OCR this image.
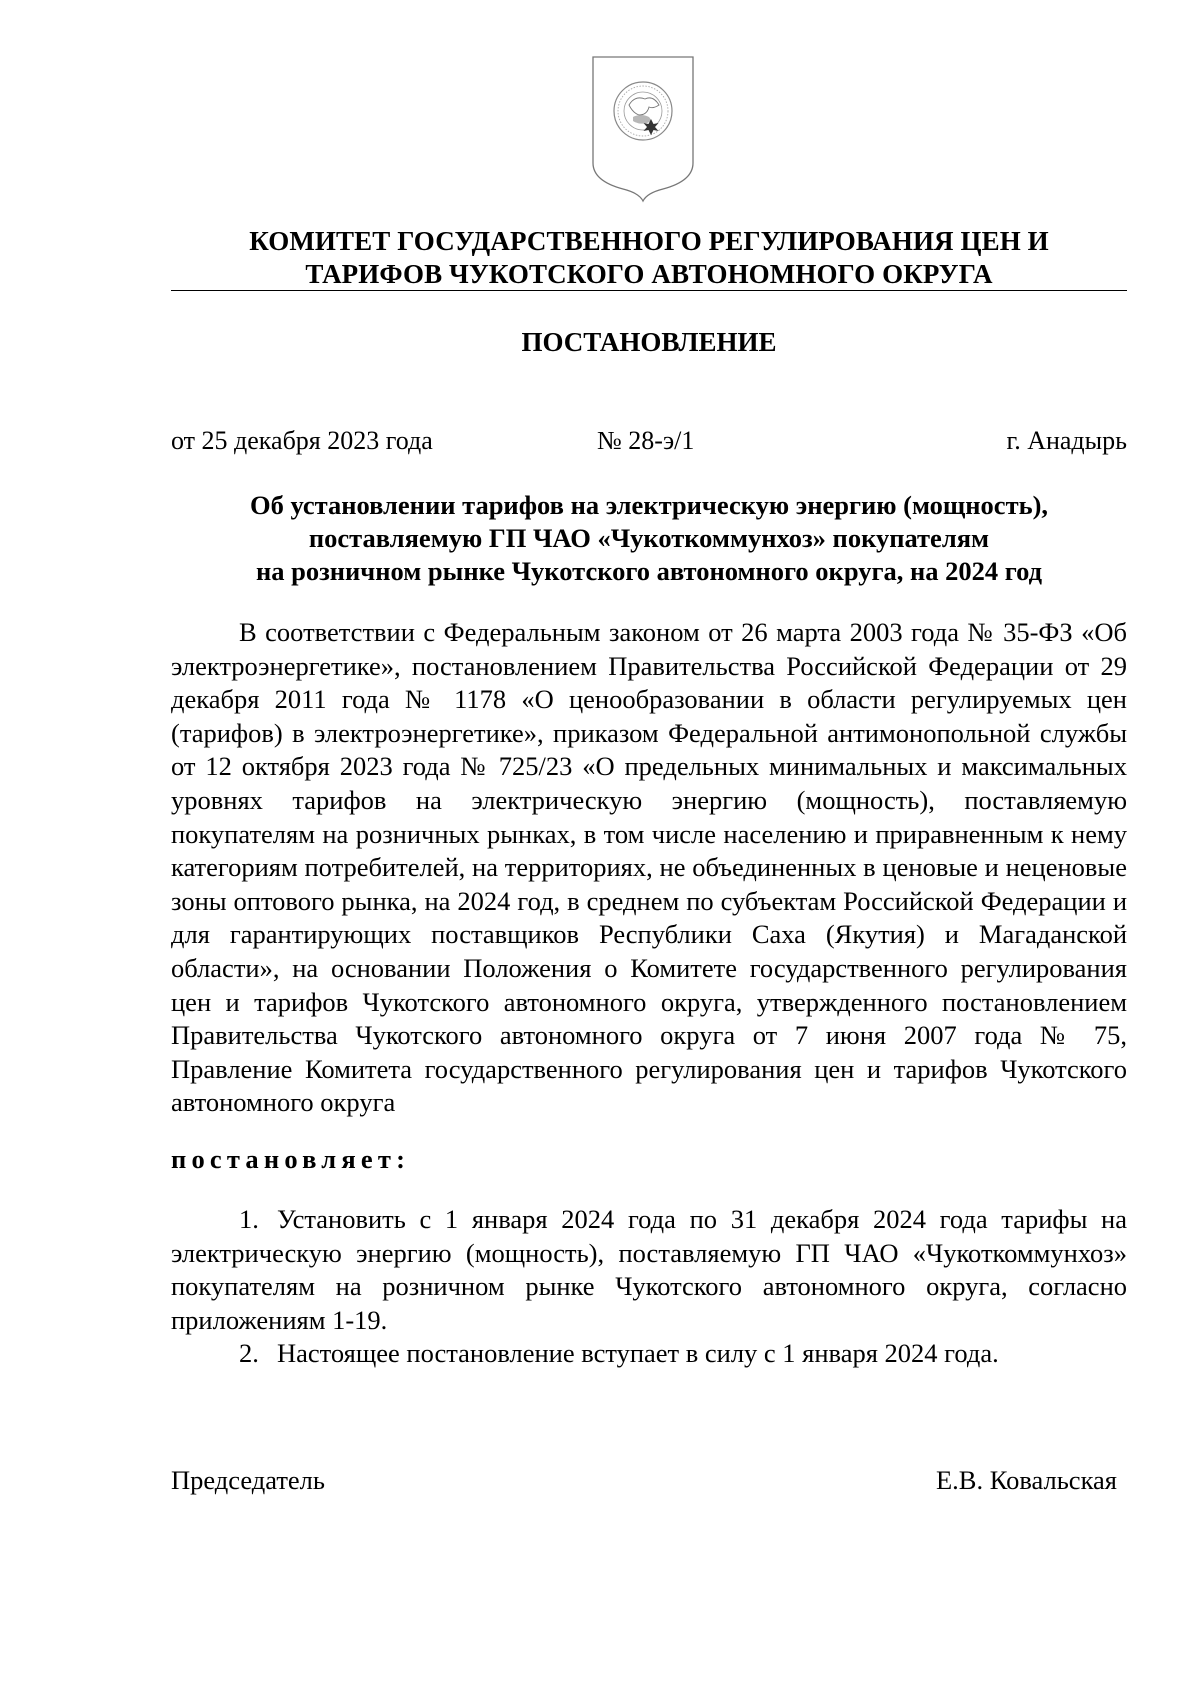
КОМИТЕТ ГОСУДАРСТВЕННОГО РЕГУЛИРОВАНИЯ ЦЕН И
ТАРИФОВ ЧУКОТСКОГО АВТОНОМНОГО ОКРУГА
ПОСТАНОВЛЕНИЕ
от 25 декабря 2023 года	№ 28-э/1	г. Анадырь
Об установлении тарифов на электрическую энергию (мощность),
поставляемую ГП ЧАО «Чукоткоммунхоз» покупателям
на розничном рынке Чукотского автономного округа, на 2024 год

В соответствии с Федеральным законом от 26 марта 2003 года № 35-ФЗ «Об электроэнергетике», постановлением Правительства Российской Федерации от 29 декабря 2011 года № 1178 «О ценообразовании в области регулируемых цен (тарифов) в электроэнергетике», приказом Федеральной антимонопольной службы от 12 октября 2023 года № 725/23 «О предельных минимальных и максимальных уровнях тарифов на электрическую энергию (мощность), поставляемую покупателям на розничных рынках, в том числе населению и приравненным к нему категориям потребителей, на территориях, не объединенных в ценовые и неценовые зоны оптового рынка, на 2024 год, в среднем по субъектам Российской Федерации и для гарантирующих поставщиков Республики Саха (Якутия) и Магаданской области», на основании Положения о Комитете государственного регулирования цен и тарифов Чукотского автономного округа, утвержденного постановлением Правительства Чукотского автономного округа от 7 июня 2007 года № 75, Правление Комитета государственного регулирования цен и тарифов Чукотского автономного округа

постановляет:

1. Установить с 1 января 2024 года по 31 декабря 2024 года тарифы на электрическую энергию (мощность), поставляемую ГП ЧАО «Чукоткоммунхоз» покупателям на розничном рынке Чукотского автономного округа, согласно приложениям 1-19.

2. Настоящее постановление вступает в силу с 1 января 2024 года.

Председатель	Е.В. Ковальская
